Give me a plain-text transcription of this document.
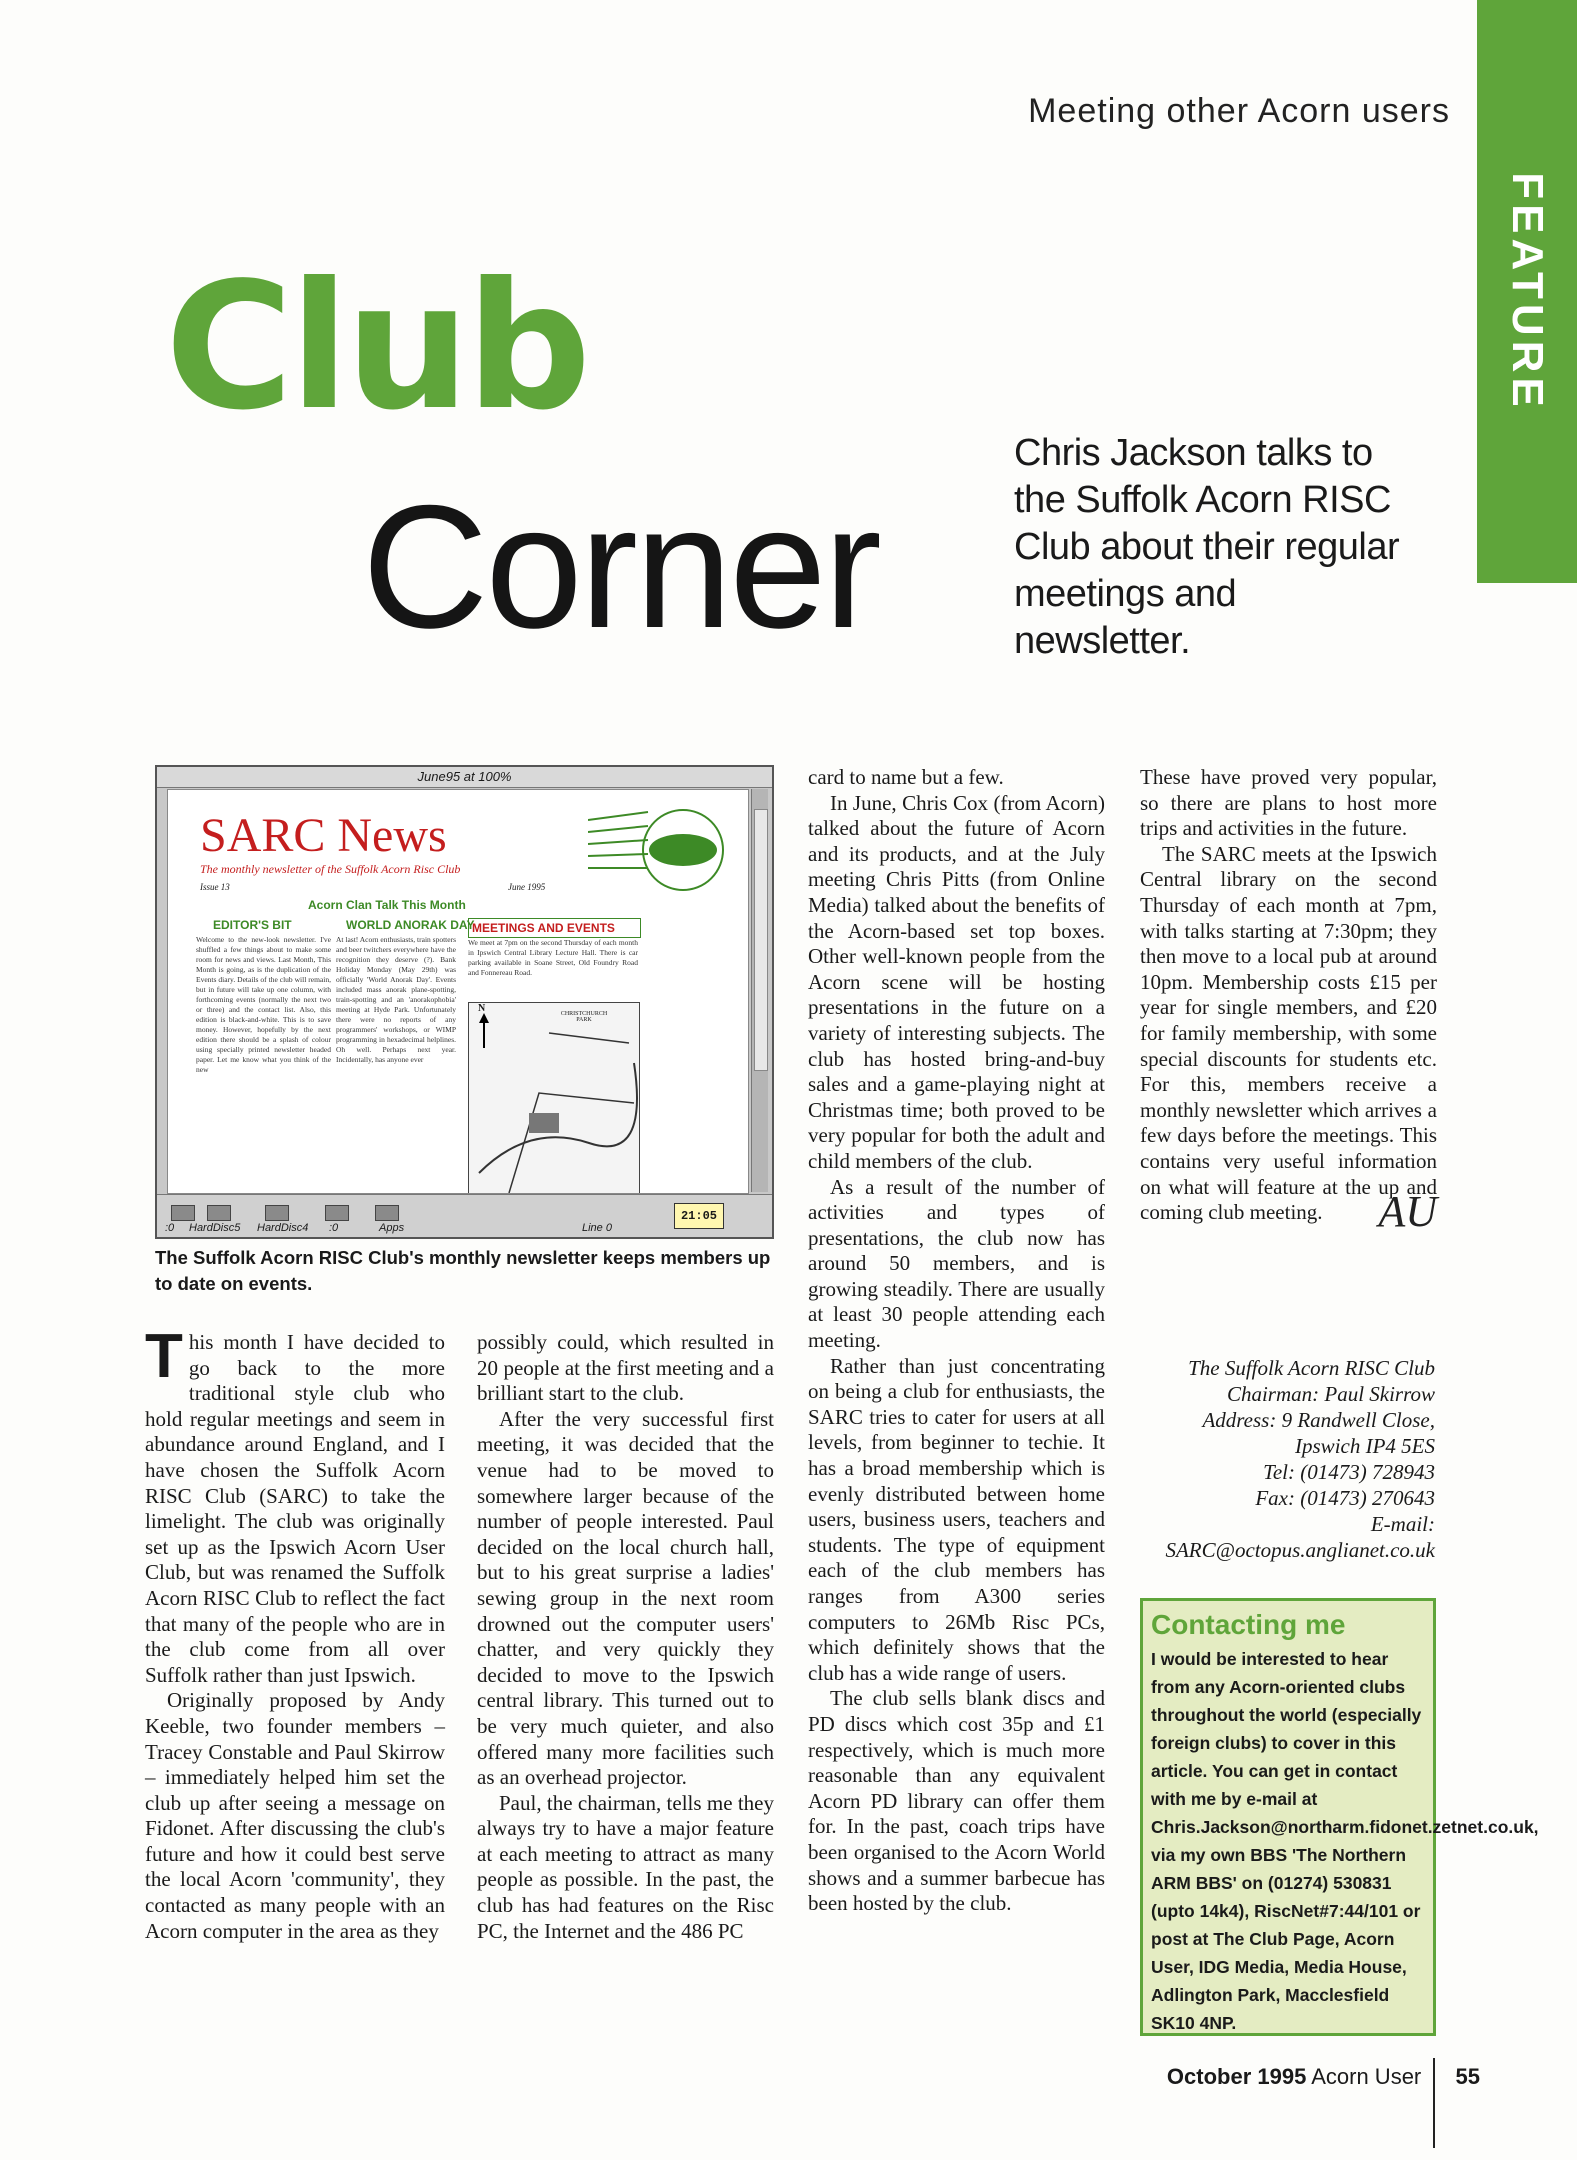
Meeting other Acorn users
FEATURE
Club
Corner
Chris Jackson talks to the Suffolk Acorn RISC Club about their regular meetings and newsletter.
June95 at 100%
SARC News
The monthly newsletter of the Suffolk Acorn Risc Club
Issue 13	June 1995
Acorn Clan Talk This Month
EDITOR'S BIT	WORLD ANORAK DAY
MEETINGS AND EVENTS
Welcome to the new-look newsletter. I've shuffled a few things about to make some room for news and views. Last Month, This Month is going, as is the duplication of the Events diary. Details of the club will remain, but in future will take up one column, with forthcoming events (normally the next two or three) and the contact list. Also, this edition is black-and-white. This is to save money. However, hopefully by the next edition there should be a splash of colour using specially printed newsletter headed paper. Let me know what you think of the new
At last! Acorn enthusiasts, train spotters and beer twitchers everywhere have the recognition they deserve (?). Bank Holiday Monday (May 29th) was officially 'World Anorak Day'. Events included mass anorak plane-spotting, train-spotting and an 'anorakophobia' meeting at Hyde Park. Unfortunately there were no reports of any programmers' workshops, or WIMP programming in hexadecimal helplines. Oh well. Perhaps next year. Incidentally, has anyone ever
We meet at 7pm on the second Thursday of each month in Ipswich Central Library Lecture Hall. There is car parking available in Soane Street, Old Foundry Road and Fonnereau Road.
N	CHRISTCHURCH PARK
:0 HardDisc5 HardDisc4 :0	Apps	Line 0
21:05
The Suffolk Acorn RISC Club's monthly newsletter keeps members up to date on events.

This month I have decided to go back to the more traditional style club who hold regular meetings and seem in abundance around England, and I have chosen the Suffolk Acorn RISC Club (SARC) to take the limelight. The club was originally set up as the Ipswich Acorn User Club, but was renamed the Suffolk Acorn RISC Club to reflect the fact that many of the people who are in the club come from all over Suffolk rather than just Ipswich.

Originally proposed by Andy Keeble, two founder members – Tracey Constable and Paul Skirrow – immediately helped him set the club up after seeing a message on Fidonet. After discussing the club's future and how it could best serve the local Acorn 'community', they contacted as many people with an Acorn computer in the area as they

possibly could, which resulted in 20 people at the first meeting and a brilliant start to the club.

After the very successful first meeting, it was decided that the venue had to be moved to somewhere larger because of the number of people interested. Paul decided on the local church hall, but to his great surprise a ladies' sewing group in the next room drowned out the computer users' chatter, and very quickly they decided to move to the Ipswich central library. This turned out to be very much quieter, and also offered many more facilities such as an overhead projector.

Paul, the chairman, tells me they always try to have a major feature at each meeting to attract as many people as possible. In the past, the club has had features on the Risc PC, the Internet and the 486 PC

card to name but a few.

In June, Chris Cox (from Acorn) talked about the future of Acorn and its products, and at the July meeting Chris Pitts (from Online Media) talked about the benefits of the Acorn-based set top boxes. Other well-known people from the Acorn scene will be hosting presentations in the future on a variety of interesting subjects. The club has hosted bring-and-buy sales and a game-playing night at Christmas time; both proved to be very popular for both the adult and child members of the club.

As a result of the number of activities and types of presentations, the club now has around 50 members, and is growing steadily. There are usually at least 30 people attending each meeting.

Rather than just concentrating on being a club for enthusiasts, the SARC tries to cater for users at all levels, from beginner to techie. It has a broad membership which is evenly distributed between home users, business users, teachers and students. The type of equipment each of the club members has ranges from A300 series computers to 26Mb Risc PCs, which definitely shows that the club has a wide range of users.

The club sells blank discs and PD discs which cost 35p and £1 respectively, which is much more reasonable than any equivalent Acorn PD library can offer them for. In the past, coach trips have been organised to the Acorn World shows and a summer barbecue has been hosted by the club.

These have proved very popular, so there are plans to host more trips and activities in the future.

The SARC meets at the Ipswich Central library on the second Thursday of each month at 7pm, with talks starting at 7:30pm; they then move to a local pub at around 10pm. Membership costs £15 per year for single members, and £20 for family membership, with some special discounts for students etc. For this, members receive a monthly newsletter which arrives a few days before the meetings. This contains very useful information on what will feature at the up and coming club meeting.	AU

The Suffolk Acorn RISC Club
Chairman: Paul Skirrow
Address: 9 Randwell Close,
Ipswich IP4 5ES
Tel: (01473) 728943
Fax: (01473) 270643
E-mail:
SARC@octopus.anglianet.co.uk
Contacting me

I would be interested to hear from any Acorn-oriented clubs throughout the world (especially foreign clubs) to cover in this article. You can get in contact with me by e-mail at Chris.Jackson@northarm.fidonet.zetnet.co.uk, via my own BBS 'The Northern ARM BBS' on (01274) 530831 (upto 14k4), RiscNet#7:44/101 or post at The Club Page, Acorn User, IDG Media, Media House, Adlington Park, Macclesfield SK10 4NP.

October 1995 Acorn User 55
